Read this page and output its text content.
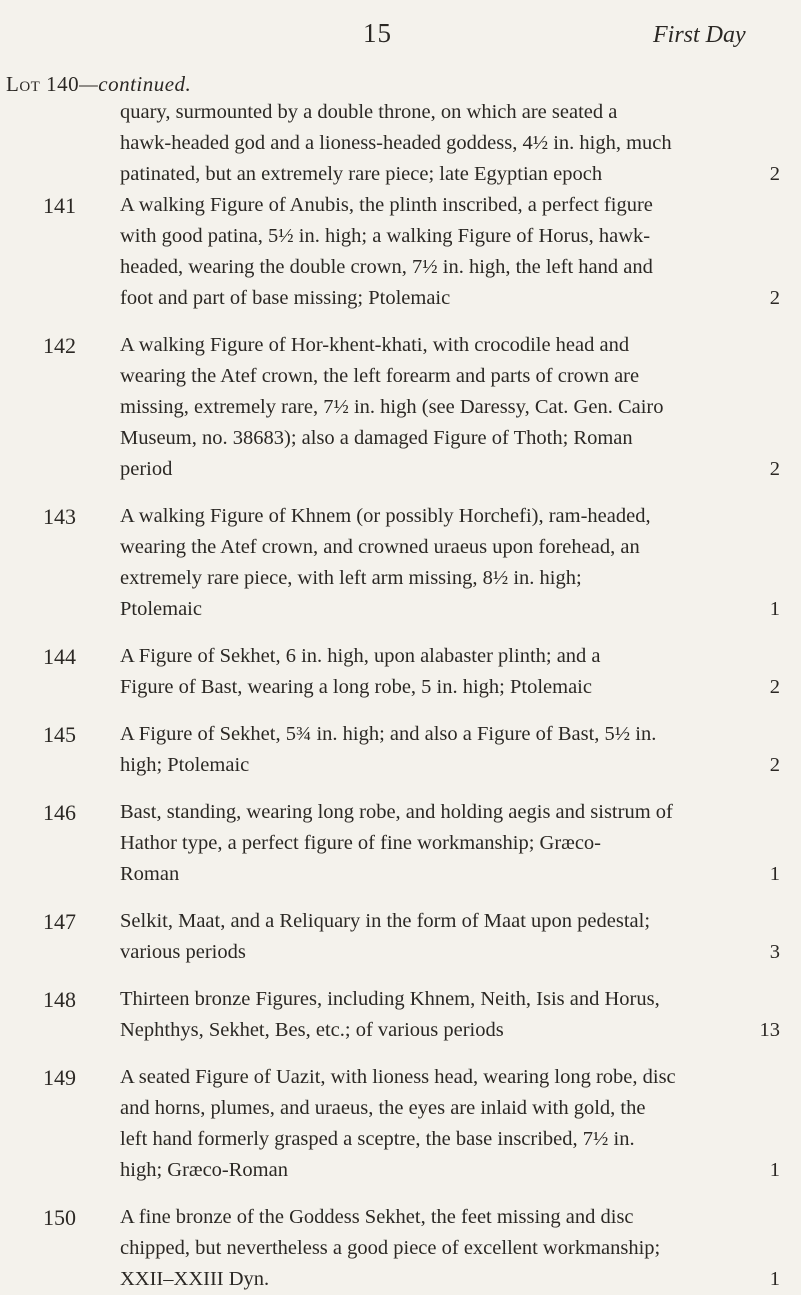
15	First Day
Lot 140—continued.
quary, surmounted by a double throne, on which are seated a
hawk-headed god and a lioness-headed goddess, 4½ in. high, much
patinated, but an extremely rare piece; late Egyptian epoch	2
141 A walking Figure of Anubis, the plinth inscribed, a perfect figure
with good patina, 5½ in. high; a walking Figure of Horus, hawk-
headed, wearing the double crown, 7½ in. high, the left hand and
foot and part of base missing; Ptolemaic	2
142 A walking Figure of Hor-khent-khati, with crocodile head and
wearing the Atef crown, the left forearm and parts of crown are
missing, extremely rare, 7½ in. high (see Daressy, Cat. Gen. Cairo
Museum, no. 38683); also a damaged Figure of Thoth; Roman
period	2
143 A walking Figure of Khnem (or possibly Horchefi), ram-headed,
wearing the Atef crown, and crowned uraeus upon forehead, an
extremely rare piece, with left arm missing, 8½ in. high;
Ptolemaic	1
144 A Figure of Sekhet, 6 in. high, upon alabaster plinth; and a
Figure of Bast, wearing a long robe, 5 in. high; Ptolemaic	2
145 A Figure of Sekhet, 5¾ in. high; and also a Figure of Bast, 5½ in.
high; Ptolemaic	2
146 Bast, standing, wearing long robe, and holding aegis and sistrum of
Hathor type, a perfect figure of fine workmanship; Græco-
Roman	1
147 Selkit, Maat, and a Reliquary in the form of Maat upon pedestal;
various periods	3
148 Thirteen bronze Figures, including Khnem, Neith, Isis and Horus,
Nephthys, Sekhet, Bes, etc.; of various periods	13
149 A seated Figure of Uazit, with lioness head, wearing long robe, disc
and horns, plumes, and uraeus, the eyes are inlaid with gold, the
left hand formerly grasped a sceptre, the base inscribed, 7½ in.
high; Græco-Roman	1
150 A fine bronze of the Goddess Sekhet, the feet missing and disc
chipped, but nevertheless a good piece of excellent workmanship;
XXII–XXIII Dyn.	1
